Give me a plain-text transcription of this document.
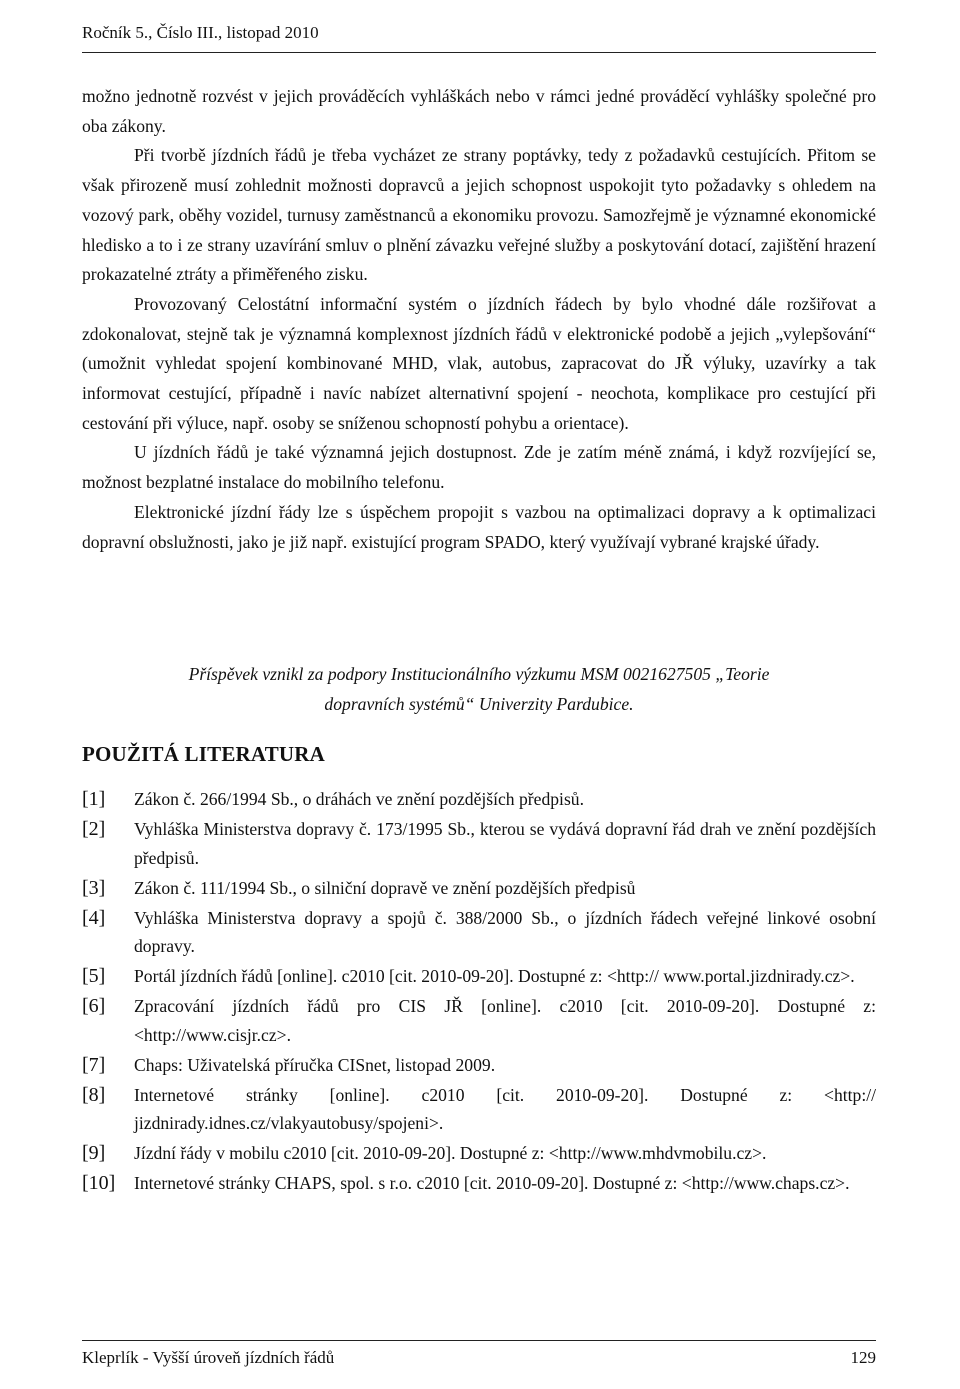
Ročník 5., Číslo III., listopad 2010

možno jednotně rozvést v jejich prováděcích vyhláškách nebo v rámci jedné prováděcí vyhlášky společné pro oba zákony.

Při tvorbě jízdních řádů je třeba vycházet ze strany poptávky, tedy z požadavků cestujících. Přitom se však přirozeně musí zohlednit možnosti dopravců a jejich schopnost uspokojit tyto požadavky s ohledem na vozový park, oběhy vozidel, turnusy zaměstnanců a ekonomiku provozu. Samozřejmě je významné ekonomické hledisko a to i ze strany uzavírání smluv o plnění závazku veřejné služby a poskytování dotací, zajištění hrazení prokazatelné ztráty a přiměřeného zisku.

Provozovaný Celostátní informační systém o jízdních řádech by bylo vhodné dále rozšiřovat a zdokonalovat, stejně tak je významná komplexnost jízdních řádů v elektronické podobě a jejich „vylepšování“ (umožnit vyhledat spojení kombinované MHD, vlak, autobus, zapracovat do JŘ výluky, uzavírky a tak informovat cestující, případně i navíc nabízet alternativní spojení - neochota, komplikace pro cestující při cestování při výluce, např. osoby se sníženou schopností pohybu a orientace).

U jízdních řádů je také významná jejich dostupnost. Zde je zatím méně známá, i když rozvíjející se, možnost bezplatné instalace do mobilního telefonu.

Elektronické jízdní řády lze s úspěchem propojit s vazbou na optimalizaci dopravy a k optimalizaci dopravní obslužnosti, jako je již např. existující program SPADO, který využívají vybrané krajské úřady.

Příspěvek vznikl za podpory Institucionálního výzkumu MSM 0021627505 „Teorie

dopravních systémů“ Univerzity Pardubice.

POUŽITÁ LITERATURA
[1]	Zákon č. 266/1994 Sb., o dráhách ve znění pozdějších předpisů.
[2]	Vyhláška Ministerstva dopravy č. 173/1995 Sb., kterou se vydává dopravní řád drah ve znění pozdějších předpisů.
[3]	Zákon č. 111/1994 Sb., o silniční dopravě ve znění pozdějších předpisů
[4]	Vyhláška Ministerstva dopravy a spojů č. 388/2000 Sb., o jízdních řádech veřejné linkové osobní dopravy.
[5]	Portál jízdních řádů [online]. c2010 [cit. 2010-09-20]. Dostupné z: <http:// www.portal.jizdnirady.cz>.
[6]	Zpracování jízdních řádů pro CIS JŘ [online]. c2010 [cit. 2010-09-20]. Dostupné z: <http://www.cisjr.cz>.
[7]	Chaps: Uživatelská příručka CISnet, listopad 2009.
[8]	Internetové stránky [online]. c2010 [cit. 2010-09-20]. Dostupné z: <http:// jizdnirady.idnes.cz/vlakyautobusy/spojeni>.
[9]	Jízdní řády v mobilu c2010 [cit. 2010-09-20]. Dostupné z: <http://www.mhdvmobilu.cz>.
[10]	Internetové stránky CHAPS, spol. s r.o. c2010 [cit. 2010-09-20]. Dostupné z: <http://www.chaps.cz>.
Kleprlík - Vyšší úroveň jízdních řádů	129
